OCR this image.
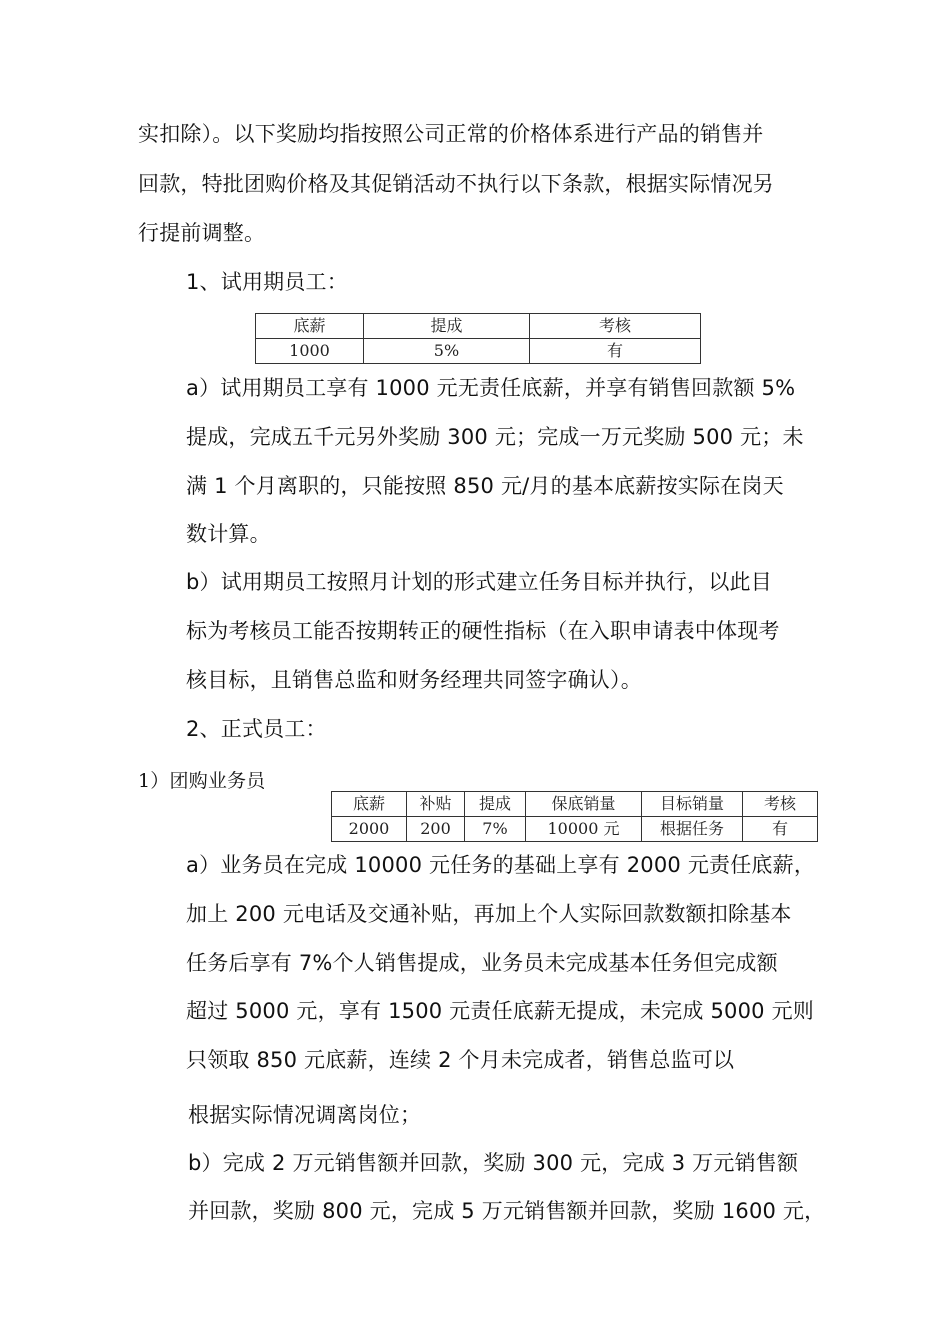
实扣除）。以下奖励均指按照公司正常的价格体系进行产品的销售并
回款，特批团购价格及其促销活动不执行以下条款，根据实际情况另
行提前调整。
1、试用期员工：
底薪	提成	考核
1000	5%	有
a）试用期员工享有 1000 元无责任底薪，并享有销售回款额 5%
提成，完成五千元另外奖励 300 元；完成一万元奖励 500 元；未
满 1 个月离职的，只能按照 850 元/月的基本底薪按实际在岗天
数计算。
b）试用期员工按照月计划的形式建立任务目标并执行，以此目
标为考核员工能否按期转正的硬性指标（在入职申请表中体现考
核目标，且销售总监和财务经理共同签字确认）。
2、正式员工：
1）团购业务员
底薪	补贴	提成	保底销量	目标销量	考核
2000	200	7%	10000 元	根据任务	有
a）业务员在完成 10000 元任务的基础上享有 2000 元责任底薪，
加上 200 元电话及交通补贴，再加上个人实际回款数额扣除基本
任务后享有 7%个人销售提成，业务员未完成基本任务但完成额
超过 5000 元，享有 1500 元责任底薪无提成，未完成 5000 元则
只领取 850 元底薪，连续 2 个月未完成者，销售总监可以
根据实际情况调离岗位；
b）完成 2 万元销售额并回款，奖励 300 元，完成 3 万元销售额
并回款，奖励 800 元，完成 5 万元销售额并回款，奖励 1600 元，
